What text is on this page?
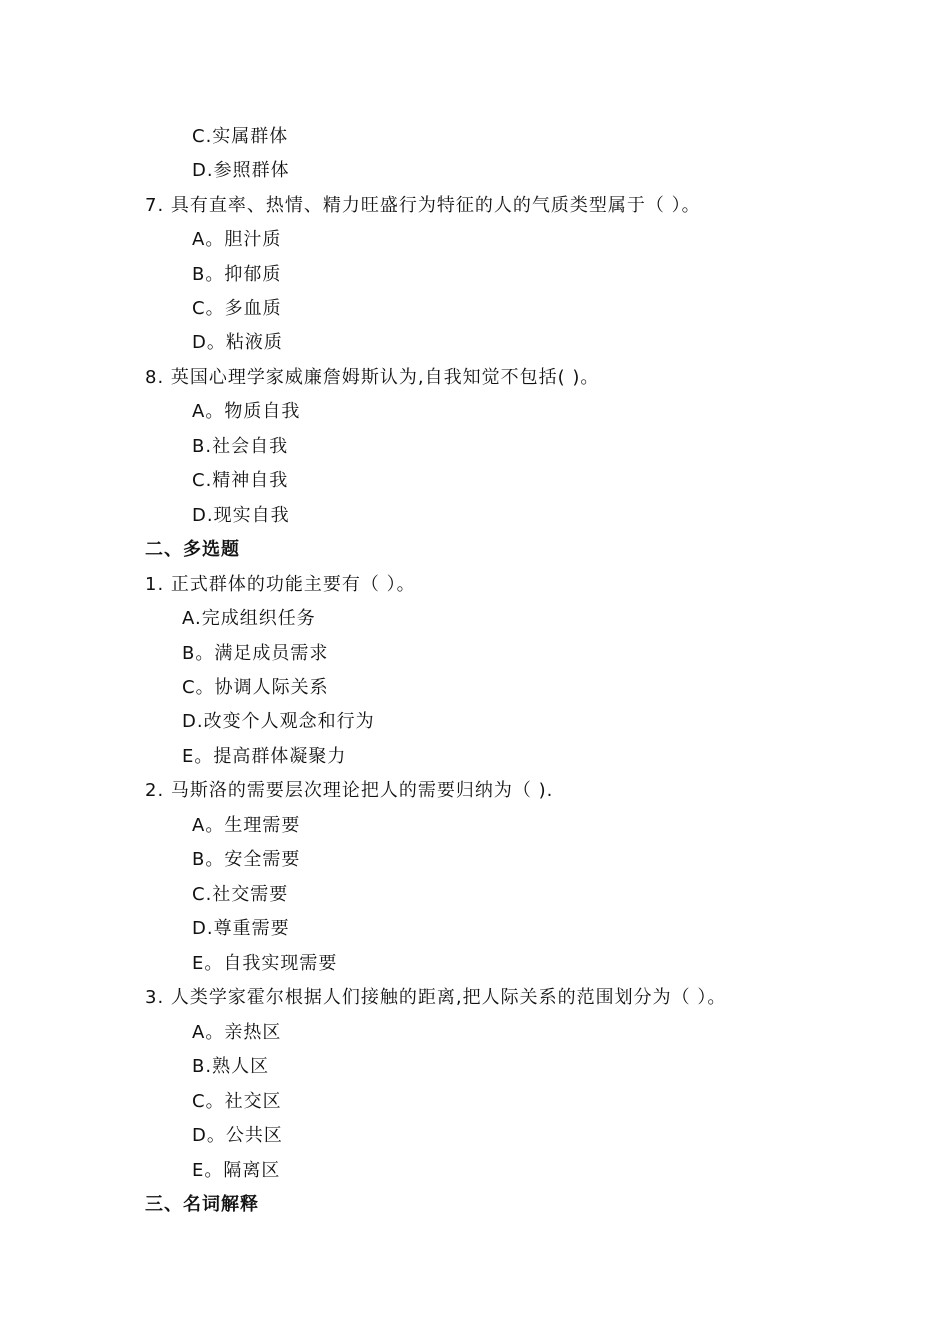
C.实属群体
D.参照群体
7. 具有直率、热情、精力旺盛行为特征的人的气质类型属于（ ）。
A。胆汁质
B。抑郁质
C。多血质
D。粘液质
8. 英国心理学家威廉詹姆斯认为,自我知觉不包括( )。
A。物质自我
B.社会自我
C.精神自我
D.现实自我
二、多选题
1. 正式群体的功能主要有（ ）。
A.完成组织任务
B。满足成员需求
C。协调人际关系
D.改变个人观念和行为
E。提高群体凝聚力
2. 马斯洛的需要层次理论把人的需要归纳为（ ).
A。生理需要
B。安全需要
C.社交需要
D.尊重需要
E。自我实现需要
3. 人类学家霍尔根据人们接触的距离,把人际关系的范围划分为（ ）。
A。亲热区
B.熟人区
C。社交区
D。公共区
E。隔离区
三、名词解释
